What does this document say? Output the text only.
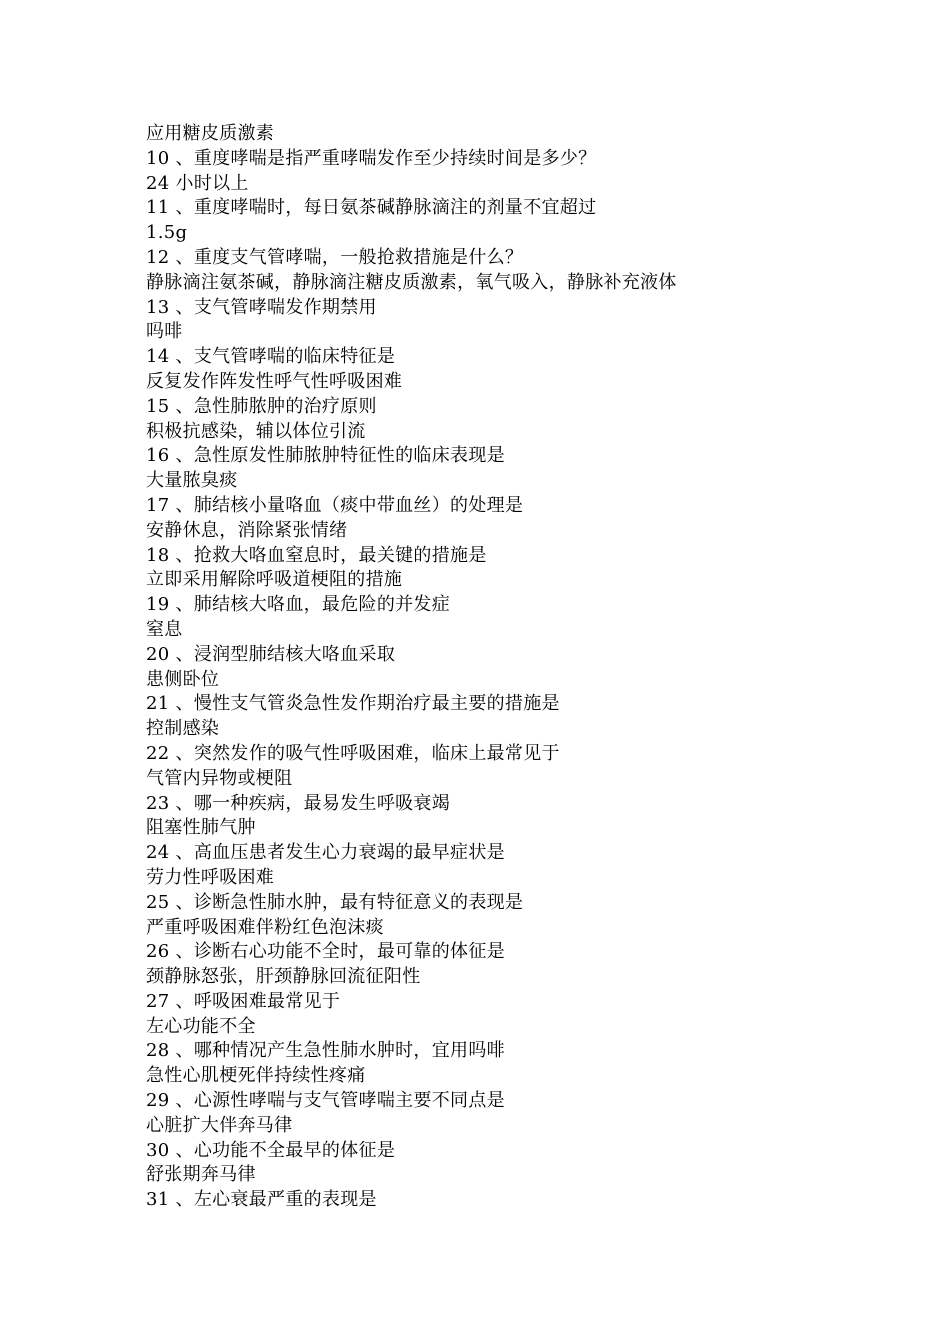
应用糖皮质激素
10 、重度哮喘是指严重哮喘发作至少持续时间是多少？
24 小时以上
11 、重度哮喘时，每日氨茶碱静脉滴注的剂量不宜超过
1.5g
12 、重度支气管哮喘，一般抢救措施是什么？
静脉滴注氨茶碱，静脉滴注糖皮质激素，氧气吸入，静脉补充液体
13 、支气管哮喘发作期禁用
吗啡
14 、支气管哮喘的临床特征是
反复发作阵发性呼气性呼吸困难
15 、急性肺脓肿的治疗原则
积极抗感染，辅以体位引流
16 、急性原发性肺脓肿特征性的临床表现是
大量脓臭痰
17 、肺结核小量咯血（痰中带血丝）的处理是
安静休息，消除紧张情绪
18 、抢救大咯血窒息时，最关键的措施是
立即采用解除呼吸道梗阻的措施
19 、肺结核大咯血，最危险的并发症
窒息
20 、浸润型肺结核大咯血采取
患侧卧位
21 、慢性支气管炎急性发作期治疗最主要的措施是
控制感染
22 、突然发作的吸气性呼吸困难，临床上最常见于
气管内异物或梗阻
23 、哪一种疾病，最易发生呼吸衰竭
阻塞性肺气肿
24 、高血压患者发生心力衰竭的最早症状是
劳力性呼吸困难
25 、诊断急性肺水肿，最有特征意义的表现是
严重呼吸困难伴粉红色泡沫痰
26 、诊断右心功能不全时，最可靠的体征是
颈静脉怒张，肝颈静脉回流征阳性
27 、呼吸困难最常见于
左心功能不全
28 、哪种情况产生急性肺水肿时，宜用吗啡
急性心肌梗死伴持续性疼痛
29 、心源性哮喘与支气管哮喘主要不同点是
心脏扩大伴奔马律
30 、心功能不全最早的体征是
舒张期奔马律
31 、左心衰最严重的表现是
